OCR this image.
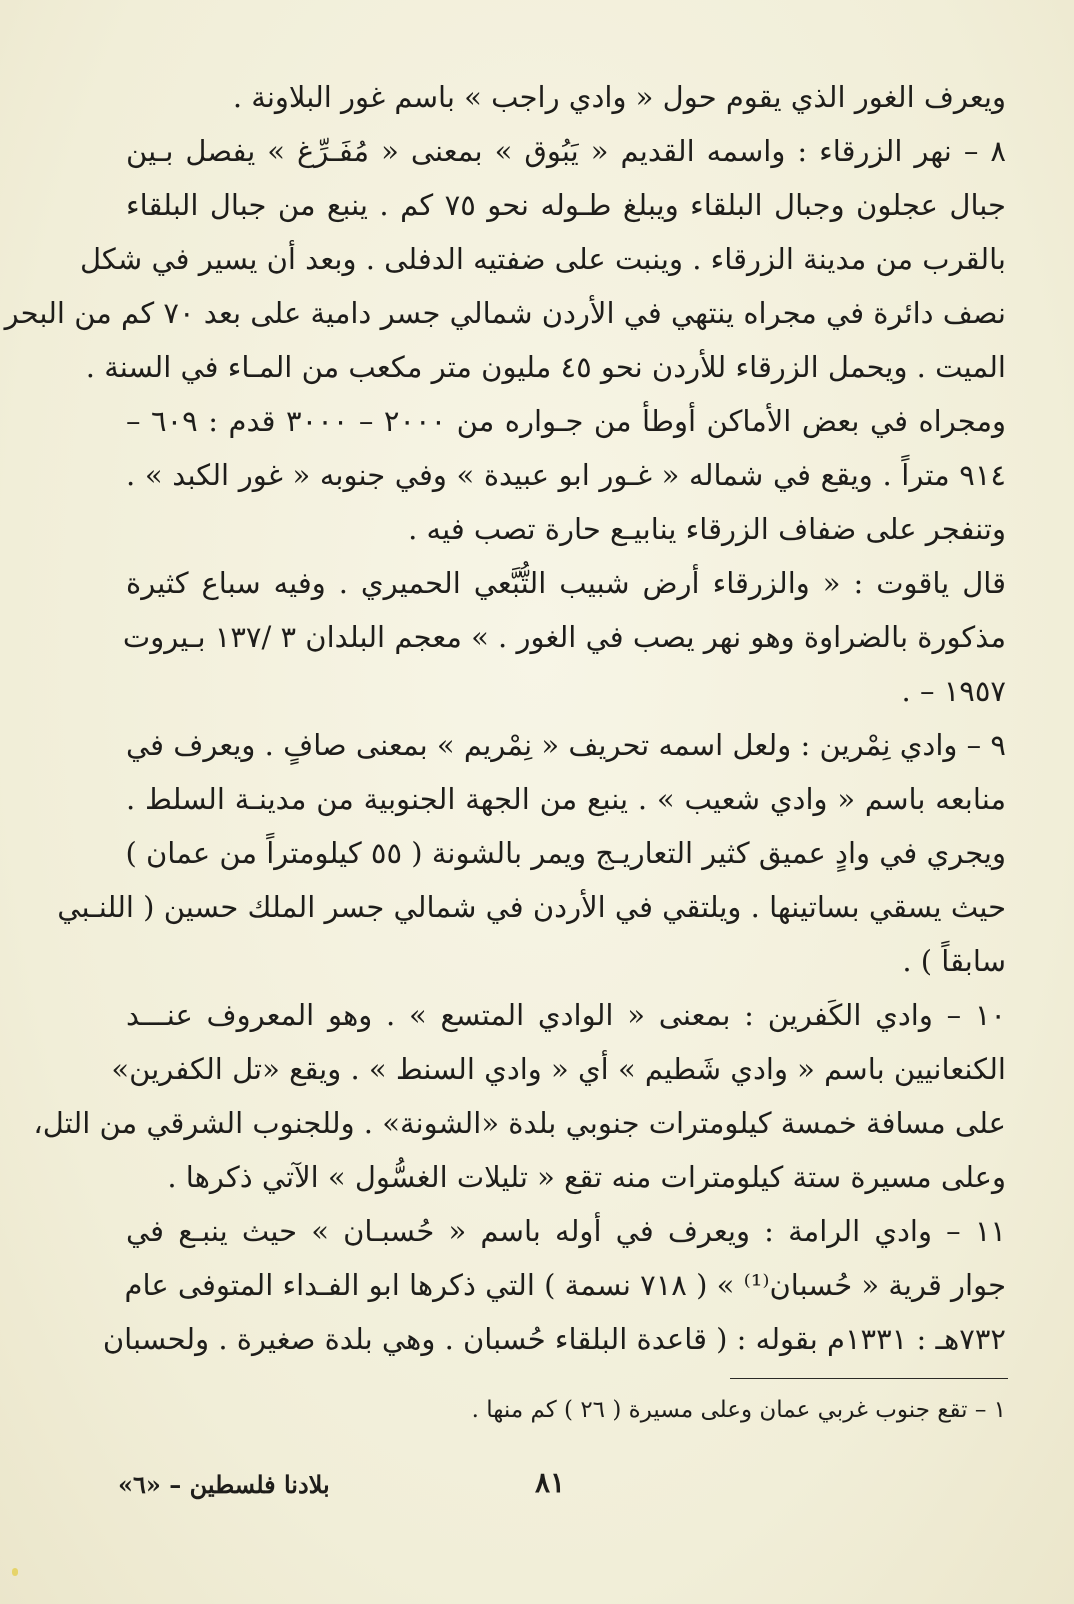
ويعرف الغور الذي يقوم حول « وادي راجب » باسم غور البلاونة .
٨ – نهر الزرقاء : واسمه القديم « يَبُوق » بمعنى « مُفَـرِّغ » يفصل بـين
جبال عجلون وجبال البلقاء ويبلغ طـوله نحو ٧٥ كم . ينبع من جبال البلقاء
بالقرب من مدينة الزرقاء . وينبت على ضفتيه الدفلى . وبعد أن يسير في شكل
نصف دائرة في مجراه ينتهي في الأردن شمالي جسر دامية على بعد ٧٠ كم من البحر
الميت . ويحمل الزرقاء للأردن نحو ٤٥ مليون متر مكعب من المـاء في السنة .
ومجراه في بعض الأماكن أوطأ من جـواره من ٢٠٠٠ – ٣٠٠٠ قدم : ٦٠٩ –
٩١٤ متراً . ويقع في شماله « غـور ابو عبيدة » وفي جنوبه « غور الكبد » .
وتنفجر على ضفاف الزرقاء ينابيـع حارة تصب فيه .
قال ياقوت : « والزرقاء أرض شبيب التُّبَّعي الحميري . وفيه سباع كثيرة
مذكورة بالضراوة وهو نهر يصب في الغور . » معجم البلدان ٣ /١٣٧ بـيروت
١٩٥٧ – .
٩ – وادي نِمْرين : ولعل اسمه تحريف « نِمْريم » بمعنى صافٍ . ويعرف في
منابعه باسم « وادي شعيب » . ينبع من الجهة الجنوبية من مدينـة السلط .
ويجري في وادٍ عميق كثير التعاريـج ويمر بالشونة ( ٥٥ كيلومتراً من عمان )
حيث يسقي بساتينها . ويلتقي في الأردن في شمالي جسر الملك حسين ( اللنـبي
سابقاً ) .
١٠ – وادي الكَفرين : بمعنى « الوادي المتسع » . وهو المعروف عنـــد
الكنعانيين باسم « وادي شَطيم » أي « وادي السنط » . ويقع «تل الكفرين»
على مسافة خمسة كيلومترات جنوبي بلدة «الشونة» . وللجنوب الشرقي من التل،
وعلى مسيرة ستة كيلومترات منه تقع « تليلات الغسُّول » الآتي ذكرها .
١١ – وادي الرامة : ويعرف في أوله باسم « حُسبـان » حيث ينبـع في
جوار قرية « حُسبان⁽¹⁾ » ( ٧١٨ نسمة ) التي ذكرها ابو الفـداء المتوفى عام
٧٣٢هـ : ١٣٣١م بقوله : ( قاعدة البلقاء حُسبان . وهي بلدة صغيرة . ولحسبان
١ – تقع جنوب غربي عمان وعلى مسيرة ( ٢٦ ) كم منها .
٨١
بلادنا فلسطين – «٦»
